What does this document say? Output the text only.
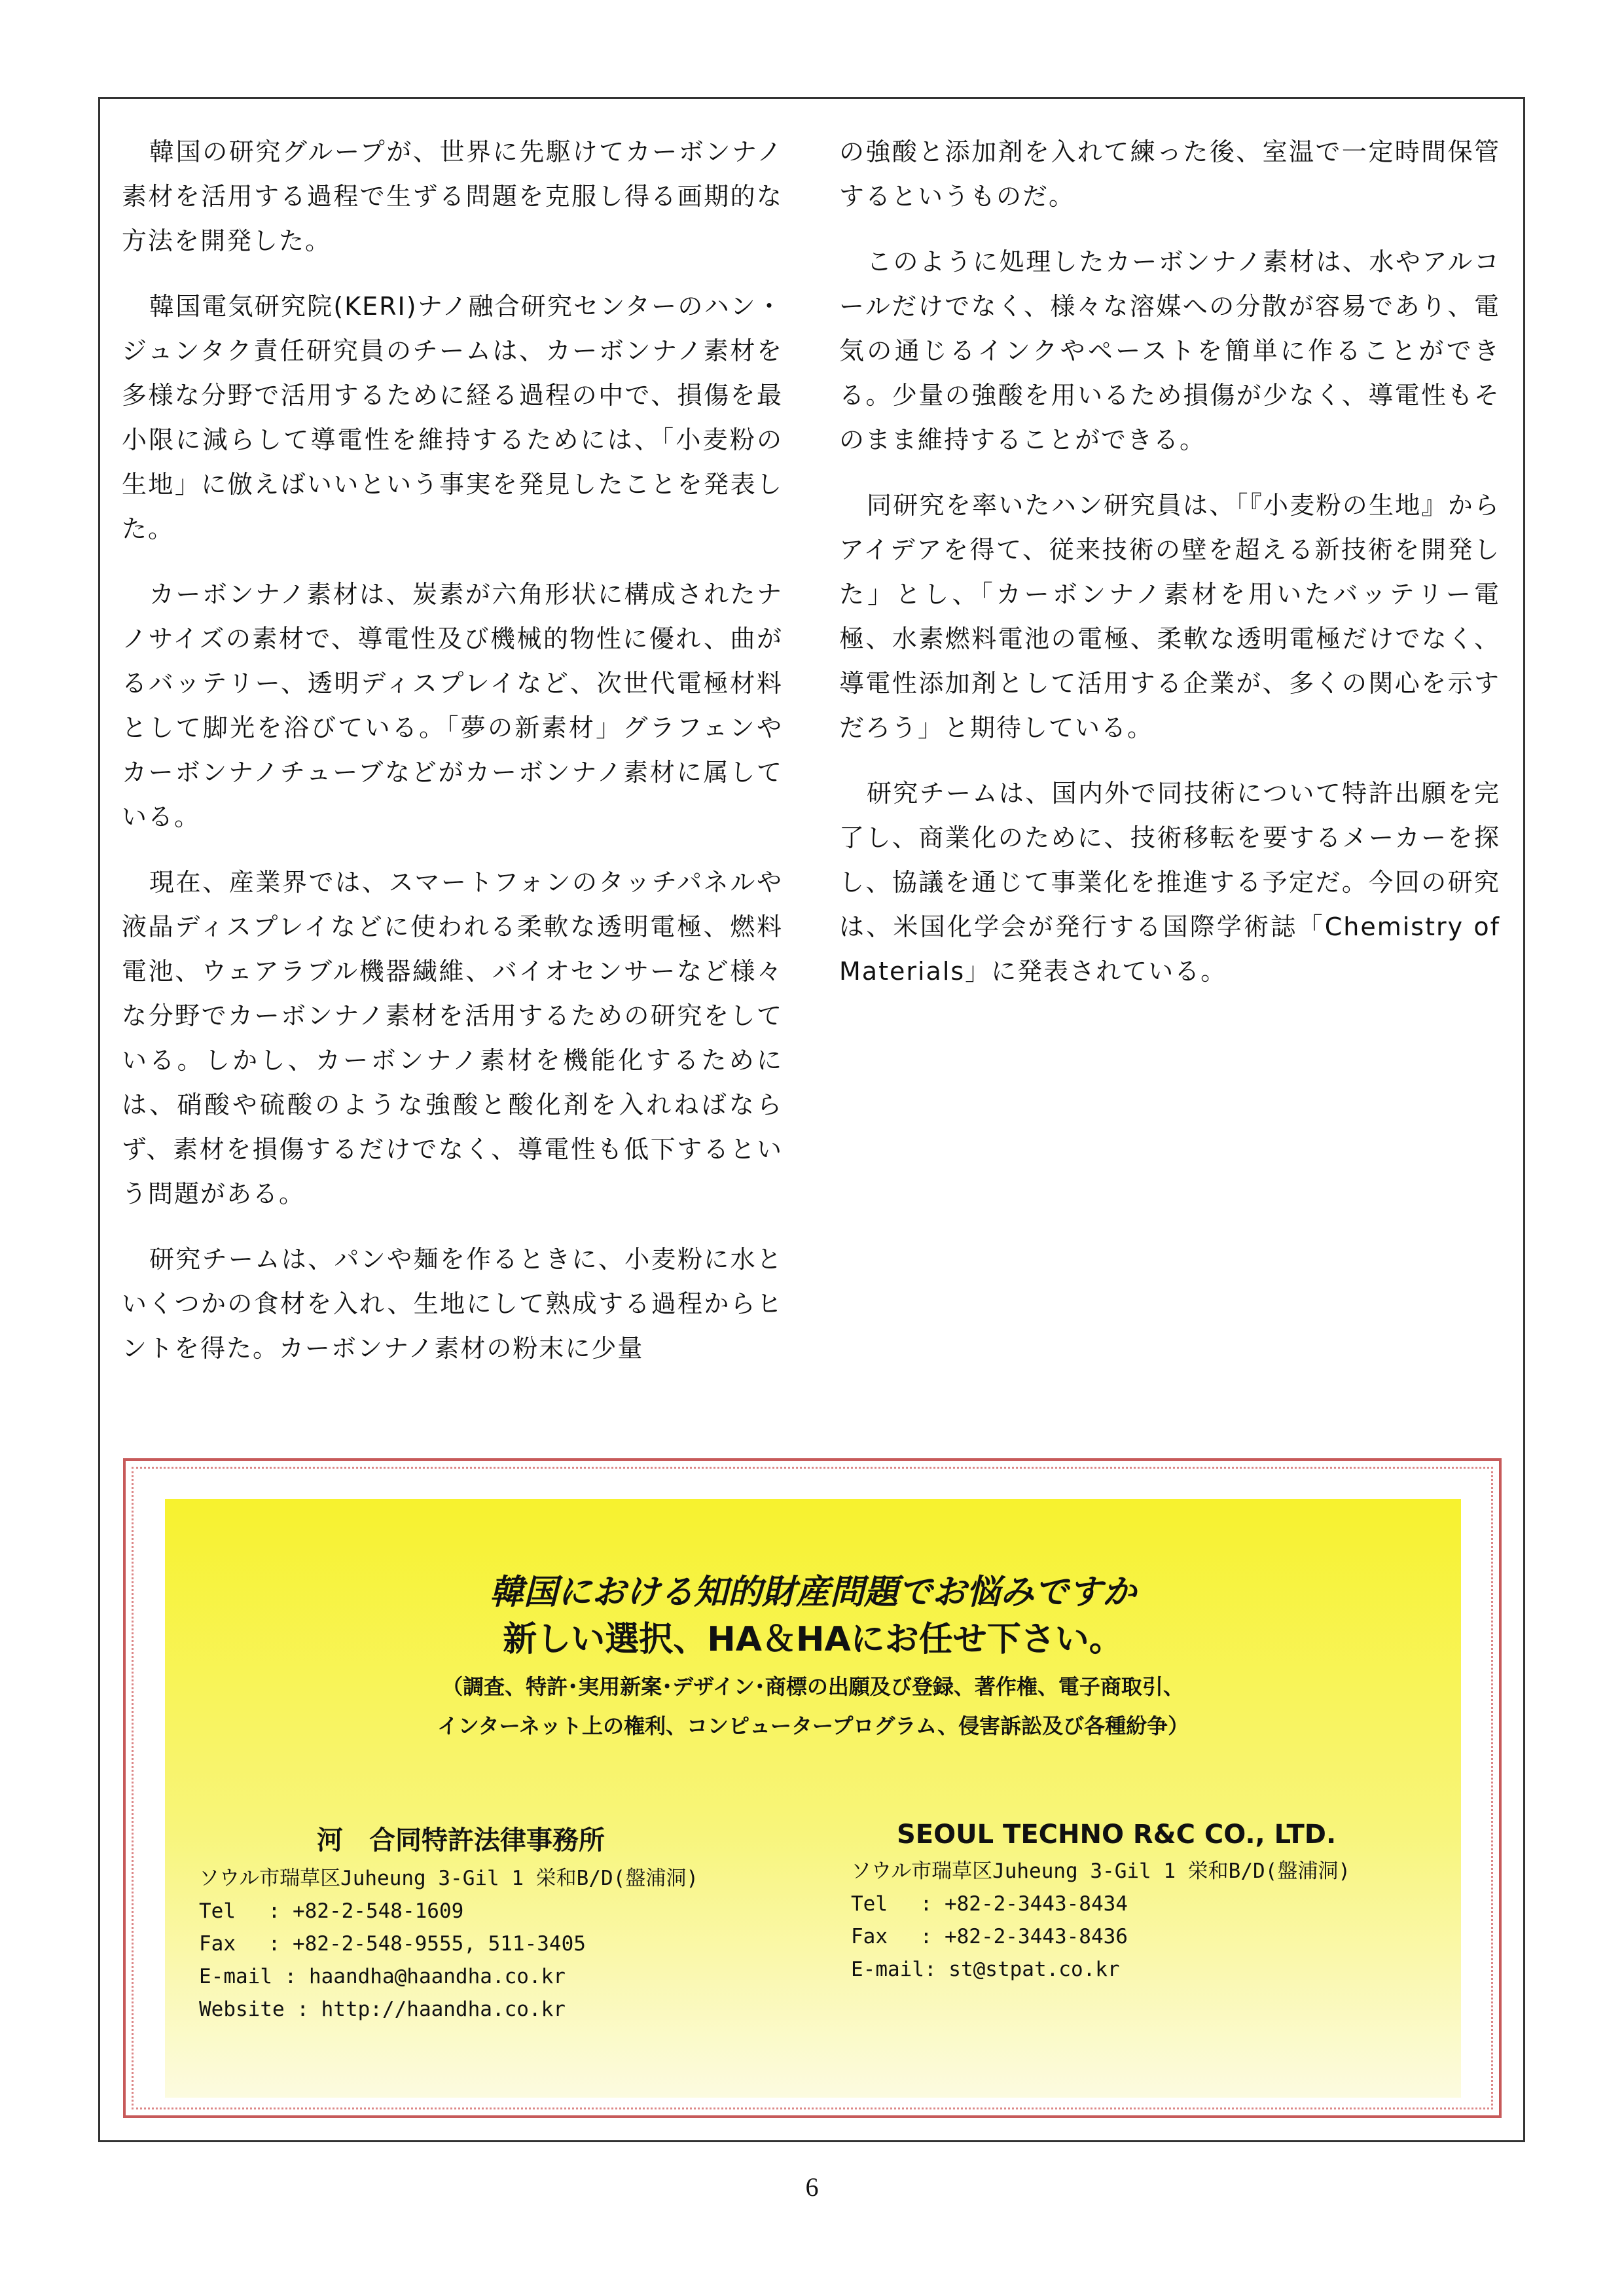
韓国の研究グループが、世界に先駆けてカーボンナノ素材を活用する過程で生ずる問題を克服し得る画期的な方法を開発した。

韓国電気研究院(KERI)ナノ融合研究センターのハン・ジュンタク責任研究員のチームは、カーボンナノ素材を多様な分野で活用するために経る過程の中で、損傷を最小限に減らして導電性を維持するためには、「小麦粉の生地」に倣えばいいという事実を発見したことを発表した。

カーボンナノ素材は、炭素が六角形状に構成されたナノサイズの素材で、導電性及び機械的物性に優れ、曲がるバッテリー、透明ディスプレイなど、次世代電極材料として脚光を浴びている。「夢の新素材」グラフェンやカーボンナノチューブなどがカーボンナノ素材に属している。

現在、産業界では、スマートフォンのタッチパネルや液晶ディスプレイなどに使われる柔軟な透明電極、燃料電池、ウェアラブル機器繊維、バイオセンサーなど様々な分野でカーボンナノ素材を活用するための研究をしている。しかし、カーボンナノ素材を機能化するためには、硝酸や硫酸のような強酸と酸化剤を入れねばならず、素材を損傷するだけでなく、導電性も低下するという問題がある。

研究チームは、パンや麺を作るときに、小麦粉に水といくつかの食材を入れ、生地にして熟成する過程からヒントを得た。カーボンナノ素材の粉末に少量

の強酸と添加剤を入れて練った後、室温で一定時間保管するというものだ。

このように処理したカーボンナノ素材は、水やアルコールだけでなく、様々な溶媒への分散が容易であり、電気の通じるインクやペーストを簡単に作ることができる。少量の強酸を用いるため損傷が少なく、導電性もそのまま維持することができる。

同研究を率いたハン研究員は、「『小麦粉の生地』からアイデアを得て、従来技術の壁を超える新技術を開発した」とし、「カーボンナノ素材を用いたバッテリー電極、水素燃料電池の電極、柔軟な透明電極だけでなく、導電性添加剤として活用する企業が、多くの関心を示すだろう」と期待している。

研究チームは、国内外で同技術について特許出願を完了し、商業化のために、技術移転を要するメーカーを探し、協議を通じて事業化を推進する予定だ。今回の研究は、米国化学会が発行する国際学術誌「Chemistry of Materials」に発表されている。

韓国における知的財産問題でお悩みですか
新しい選択、HA＆HAにお任せ下さい。
（調査、特許･実用新案･デザイン･商標の出願及び登録、著作権、電子商取引、
インターネット上の権利、コンピュータープログラム、侵害訴訟及び各種紛争）
河　合同特許法律事務所
ソウル市瑞草区Juheung 3-Gil 1 栄和B/D(盤浦洞)
Tel　 : +82-2-548-1609
Fax　 : +82-2-548-9555, 511-3405
E-mail : haandha@haandha.co.kr
Website : http://haandha.co.kr
SEOUL TECHNO R&C CO., LTD.
ソウル市瑞草区Juheung 3-Gil 1 栄和B/D(盤浦洞)
Tel　 : +82-2-3443-8434
Fax　 : +82-2-3443-8436
E-mail: st@stpat.co.kr
6
